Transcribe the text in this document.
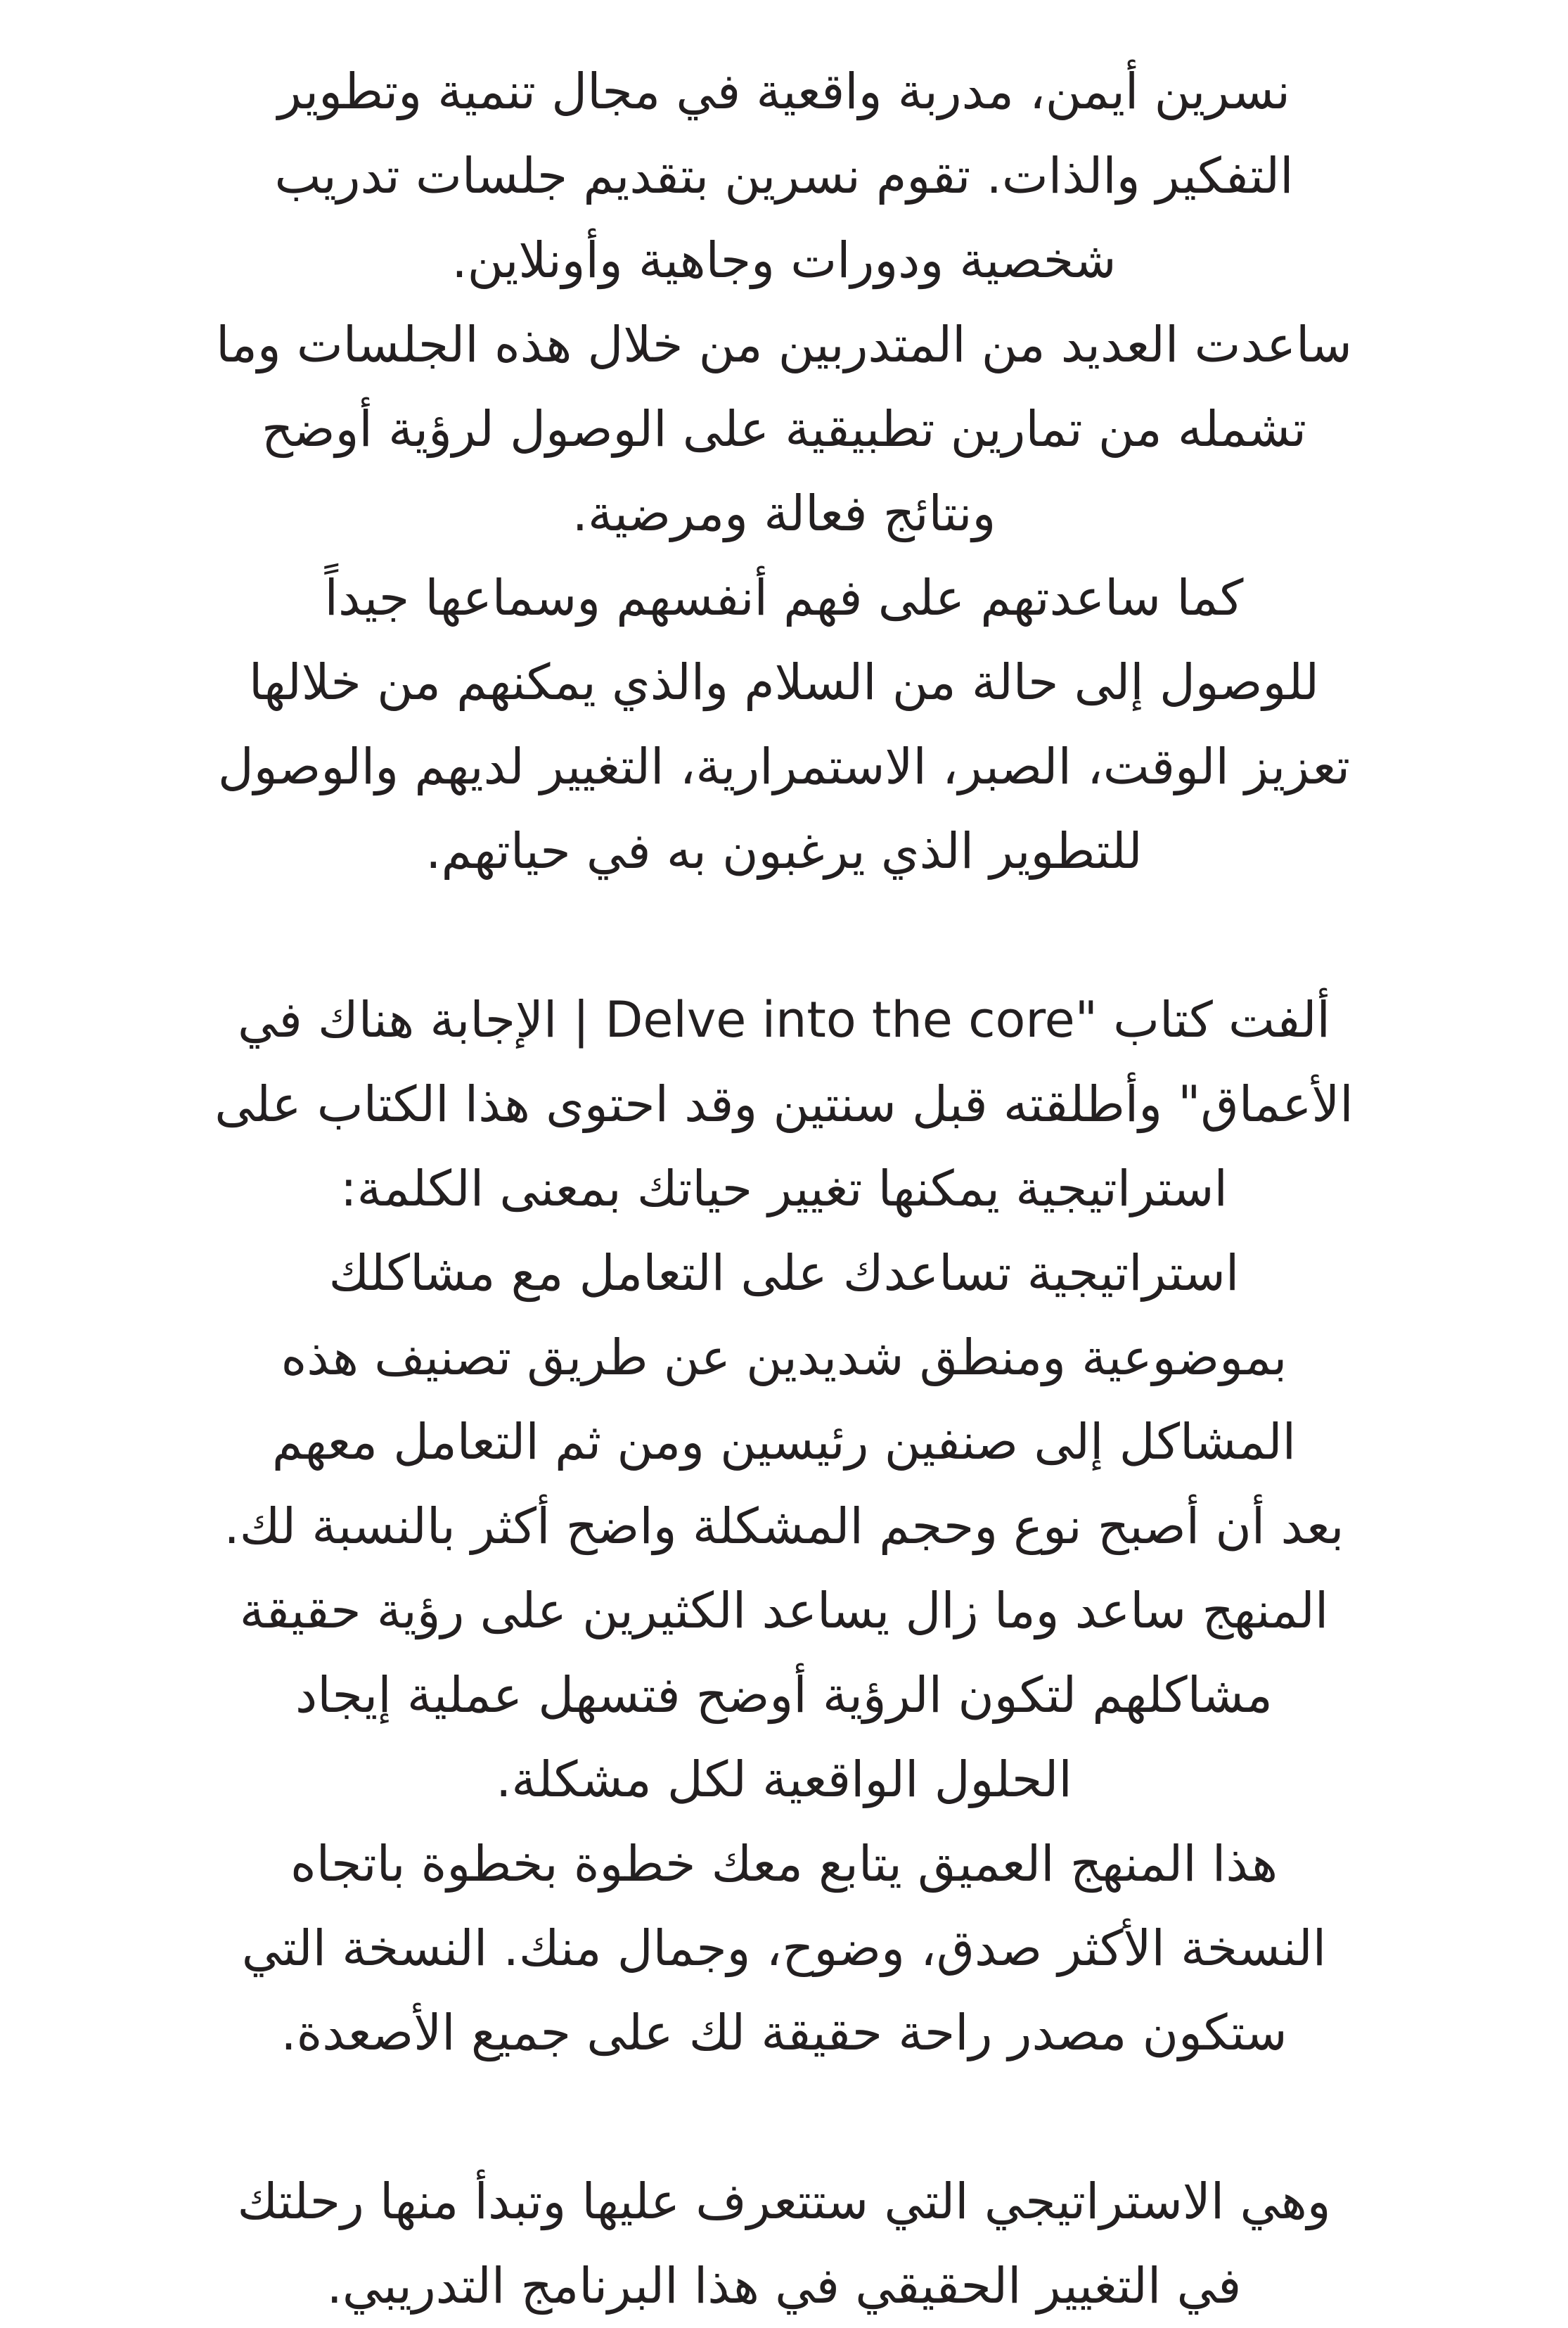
نسرين أيمن، مدربة واقعية في مجال تنمية وتطوير
التفكير والذات. تقوم نسرين بتقديم جلسات تدريب
شخصية ودورات وجاهية وأونلاين.

ساعدت العديد من المتدربين من خلال هذه الجلسات وما
تشمله من تمارين تطبيقية على الوصول لرؤية أوضح
ونتائج فعالة ومرضية.

كما ساعدتهم على فهم أنفسهم وسماعها جيداً
للوصول إلى حالة من السلام والذي يمكنهم من خلالها
تعزيز الوقت، الصبر، الاستمرارية، التغيير لديهم والوصول
للتطوير الذي يرغبون به في حياتهم.

ألفت كتاب "Delve into the core | الإجابة هناك في
الأعماق" وأطلقته قبل سنتين وقد احتوى هذا الكتاب على
استراتيجية يمكنها تغيير حياتك بمعنى الكلمة:
استراتيجية تساعدك على التعامل مع مشاكلك
بموضوعية ومنطق شديدين عن طريق تصنيف هذه
المشاكل إلى صنفين رئيسين ومن ثم التعامل معهم
بعد أن أصبح نوع وحجم المشكلة واضح أكثر بالنسبة لك.
المنهج ساعد وما زال يساعد الكثيرين على رؤية حقيقة
مشاكلهم لتكون الرؤية أوضح فتسهل عملية إيجاد
الحلول الواقعية لكل مشكلة.

هذا المنهج العميق يتابع معك خطوة بخطوة باتجاه
النسخة الأكثر صدق، وضوح، وجمال منك. النسخة التي
ستكون مصدر راحة حقيقة لك على جميع الأصعدة.

وهي الاستراتيجي التي ستتعرف عليها وتبدأ منها رحلتك
في التغيير الحقيقي في هذا البرنامج التدريبي.
